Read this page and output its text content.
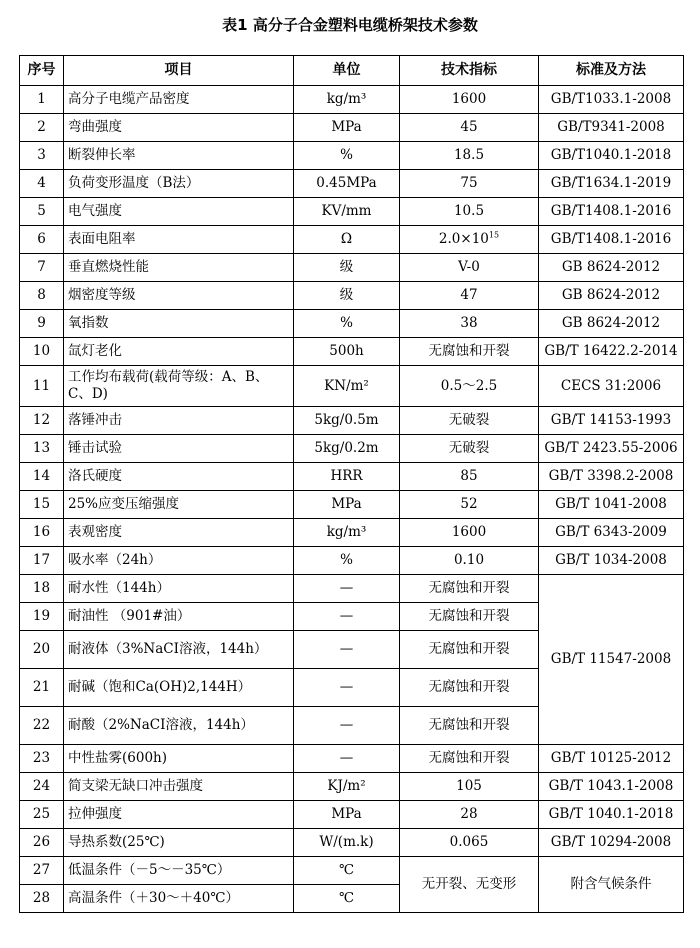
表1 高分子合金塑料电缆桥架技术参数
序号	项目	单位	技术指标	标准及方法
1	高分子电缆产品密度	kg/m³	1600	GB/T1033.1-2008
2	弯曲强度	MPa	45	GB/T9341-2008
3	断裂伸长率	%	18.5	GB/T1040.1-2018
4	负荷变形温度（B法）	0.45MPa	75	GB/T1634.1-2019
5	电气强度	KV/mm	10.5	GB/T1408.1-2016
6	表面电阻率	Ω	$2.0\times 10^{15}$	GB/T1408.1-2016
7	垂直燃烧性能	级	V-0	GB 8624-2012
8	烟密度等级	级	47	GB 8624-2012
9	氧指数	%	38	GB 8624-2012
10	氙灯老化	500h	无腐蚀和开裂	GB/T 16422.2-2014
11	工作均布载荷(载荷等级：A、B、C、D)	KN/m²	0.5～2.5	CECS 31:2006
12	落锤冲击	5kg/0.5m	无破裂	GB/T 14153-1993
13	锤击试验	5kg/0.2m	无破裂	GB/T 2423.55-2006
14	洛氏硬度	HRR	85	GB/T 3398.2-2008
15	25%应变压缩强度	MPa	52	GB/T 1041-2008
16	表观密度	kg/m³	1600	GB/T 6343-2009
17	吸水率（24h）	%	0.10	GB/T 1034-2008
18	耐水性（144h）	—	无腐蚀和开裂	GB/T 11547-2008
19	耐油性 （901#油）	—	无腐蚀和开裂	
20	耐液体（3%NaCI溶液，144h）	—	无腐蚀和开裂	
21	耐碱（饱和Ca(OH)2,144H）	—	无腐蚀和开裂	
22	耐酸（2%NaCI溶液，144h）	—	无腐蚀和开裂	
23	中性盐雾(600h)	—	无腐蚀和开裂	GB/T 10125-2012
24	简支梁无缺口冲击强度	KJ/m²	105	GB/T 1043.1-2008
25	拉伸强度	MPa	28	GB/T 1040.1-2018
26	导热系数(25℃)	W/(m.k)	0.065	GB/T 10294-2008
27	低温条件（－5～－35℃）	℃	无开裂、无变形	附含气候条件
28	高温条件（＋30～＋40℃）	℃		
